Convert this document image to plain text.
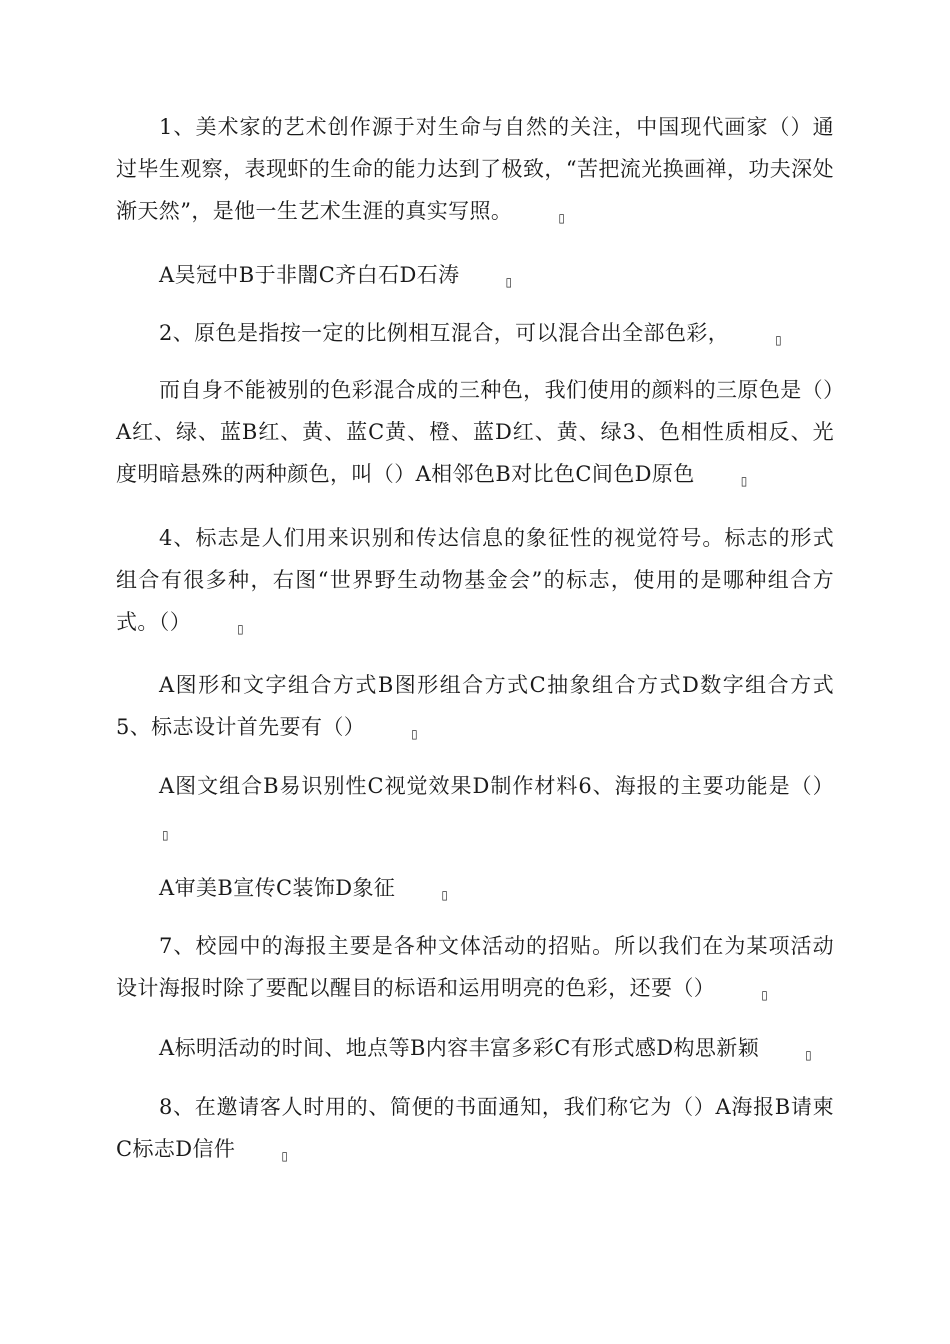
1、美术家的艺术创作源于对生命与自然的关注，中国现代画家（）通过毕生观察，表现虾的生命的能力达到了极致，“苦把流光换画禅，功夫深处渐天然”，是他一生艺术生涯的真实写照。	▯

A吴冠中B于非闇C齐白石D石涛	▯

2、原色是指按一定的比例相互混合，可以混合出全部色彩，	▯

而自身不能被别的色彩混合成的三种色，我们使用的颜料的三原色是（）A红、绿、蓝B红、黄、蓝C黄、橙、蓝D红、黄、绿3、色相性质相反、光度明暗悬殊的两种颜色，叫（）A相邻色B对比色C间色D原色	▯

4、标志是人们用来识别和传达信息的象征性的视觉符号。标志的形式组合有很多种，右图“世界野生动物基金会”的标志，使用的是哪种组合方式。（）	▯

A图形和文字组合方式B图形组合方式C抽象组合方式D数字组合方式5、标志设计首先要有（）	▯

A图文组合B易识别性C视觉效果D制作材料6、海报的主要功能是（）▯

A审美B宣传C装饰D象征	▯

7、校园中的海报主要是各种文体活动的招贴。所以我们在为某项活动设计海报时除了要配以醒目的标语和运用明亮的色彩，还要（）	▯

A标明活动的时间、地点等B内容丰富多彩C有形式感D构思新颖	▯

8、在邀请客人时用的、简便的书面通知，我们称它为（）A海报B请柬C标志D信件	▯
